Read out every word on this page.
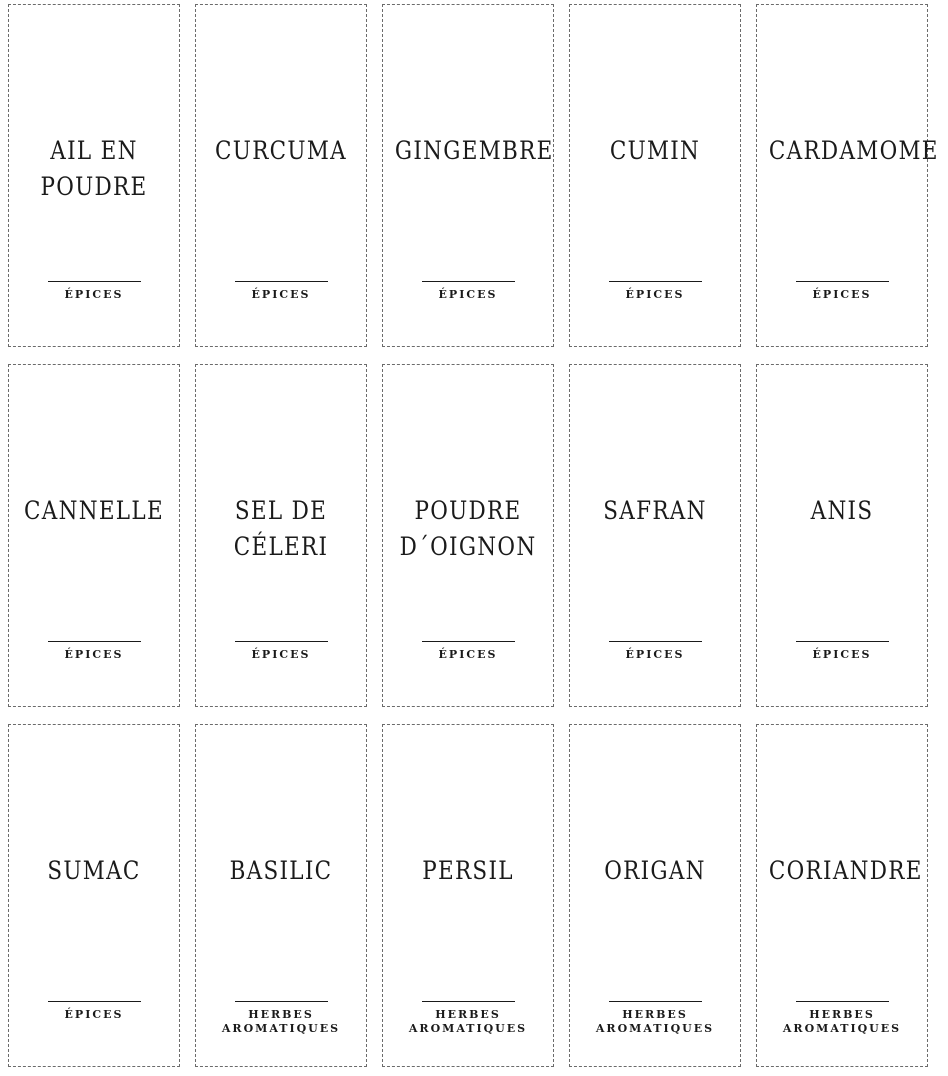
AIL EN
POUDRE
ÉPICES
CURCUMA
ÉPICES
GINGEMBRE
ÉPICES
CUMIN
ÉPICES
CARDAMOME
ÉPICES
CANNELLE
ÉPICES
SEL DE
CÉLERI
ÉPICES
POUDRE
D´OIGNON
ÉPICES
SAFRAN
ÉPICES
ANIS
ÉPICES
SUMAC
ÉPICES
BASILIC
HERBES
AROMATIQUES
PERSIL
HERBES
AROMATIQUES
ORIGAN
HERBES
AROMATIQUES
CORIANDRE
HERBES
AROMATIQUES
